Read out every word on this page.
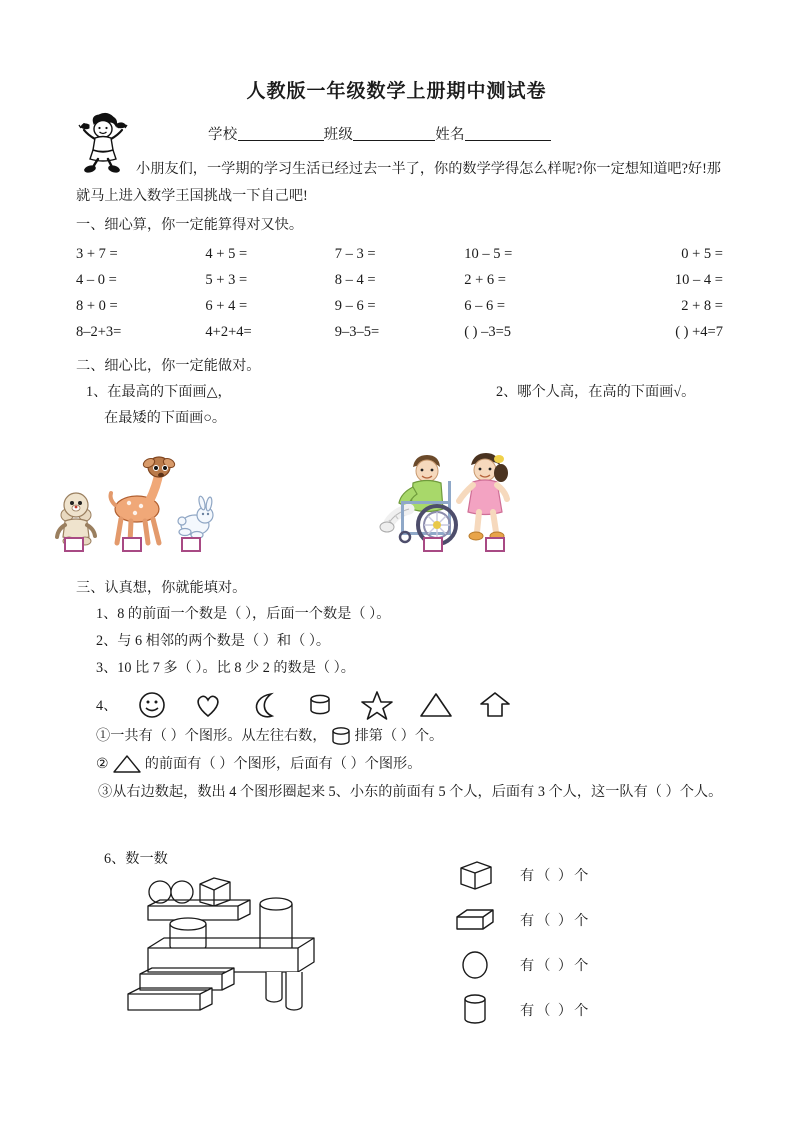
人教版一年级数学上册期中测试卷
学校	班级	姓名

小朋友们，一学期的学习生活已经过去一半了，你的数学学得怎么样呢?你一定想知道吧?好!那就马上进入数学王国挑战一下自己吧!

一、细心算，你一定能算得对又快。
3 + 7 =	4 + 5 =	7 – 3 =	10 – 5 =	0 + 5 =
4 – 0 =	5 + 3 =	8 – 4 =	2 + 6 =	10 – 4 =
8 + 0 =	6 + 4 =	9 – 6 =	6 – 6 =	2 + 8 =
8–2+3=	4+2+4=	9–3–5=	( ) –3=5	( ) +4=7
二、细心比，你一定能做对。
1、在最高的下面画△，
在最矮的下面画○。
2、哪个人高，在高的下面画√。
三、认真想，你就能填对。
1、8 的前面一个数是（ ），后面一个数是（ ）。
2、与 6 相邻的两个数是（ ）和（ ）。
3、10 比 7 多（ ）。比 8 少 2 的数是（ ）。
4、
①一共有（ ）个图形。从左往右数， 排第（ ）个。
②	的前面有（ ）个图形，后面有（ ）个图形。
③从右边数起，数出 4 个图形圈起来 5、小东的前面有 5 个人，后面有 3 个人，这一队有（ ）个人。
6、数一数
有（ ）个
有（ ）个
有（ ）个
有（ ）个
